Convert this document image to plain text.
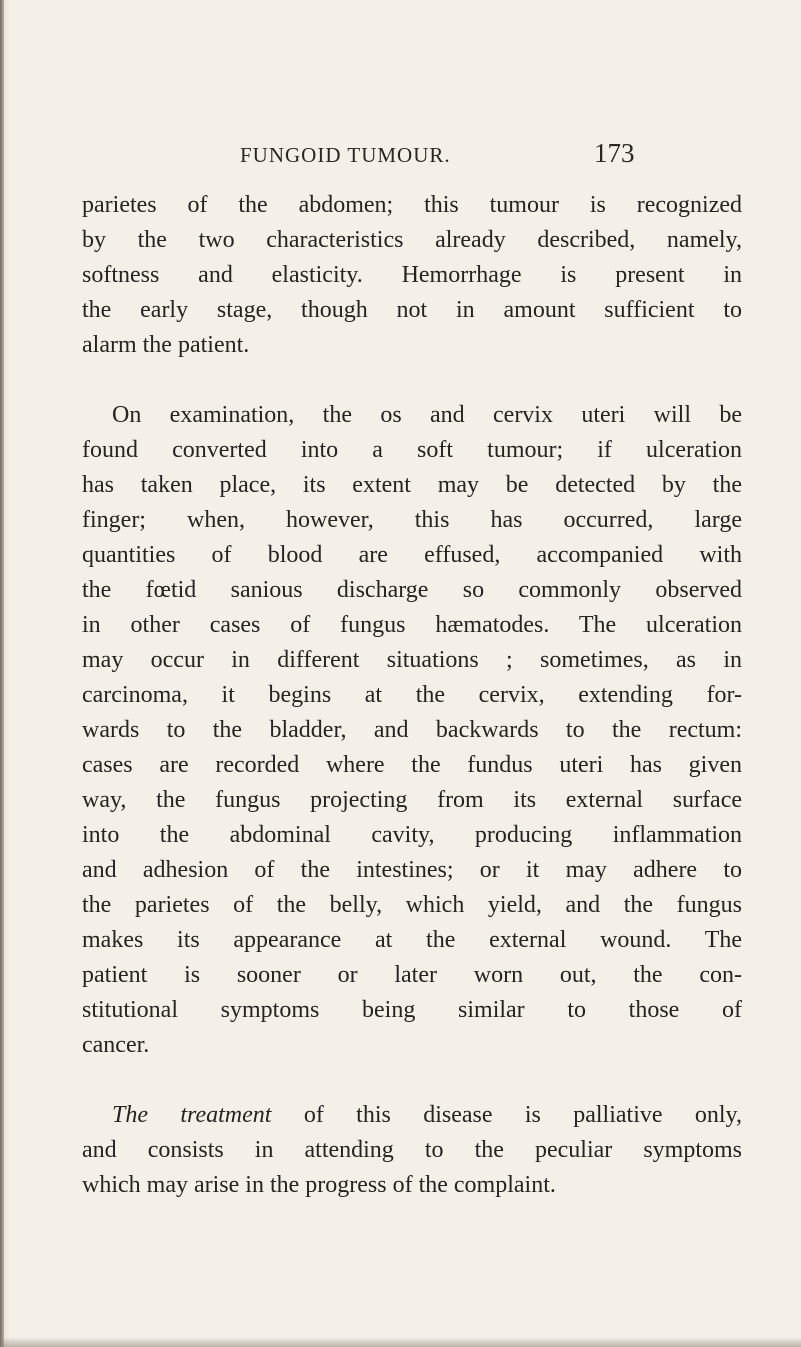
FUNGOID TUMOUR.	173
parietes of the abdomen; this tumour is recognized
by the two characteristics already described, namely,
softness and elasticity. Hemorrhage is present in
the early stage, though not in amount sufficient to
alarm the patient.
On examination, the os and cervix uteri will be
found converted into a soft tumour; if ulceration
has taken place, its extent may be detected by the
finger; when, however, this has occurred, large
quantities of blood are effused, accompanied with
the fœtid sanious discharge so commonly observed
in other cases of fungus hæmatodes. The ulceration
may occur in different situations ; sometimes, as in
carcinoma, it begins at the cervix, extending for-
wards to the bladder, and backwards to the rectum:
cases are recorded where the fundus uteri has given
way, the fungus projecting from its external surface
into the abdominal cavity, producing inflammation
and adhesion of the intestines; or it may adhere to
the parietes of the belly, which yield, and the fungus
makes its appearance at the external wound. The
patient is sooner or later worn out, the con-
stitutional symptoms being similar to those of
cancer.
The treatment of this disease is palliative only,
and consists in attending to the peculiar symptoms
which may arise in the progress of the complaint.
